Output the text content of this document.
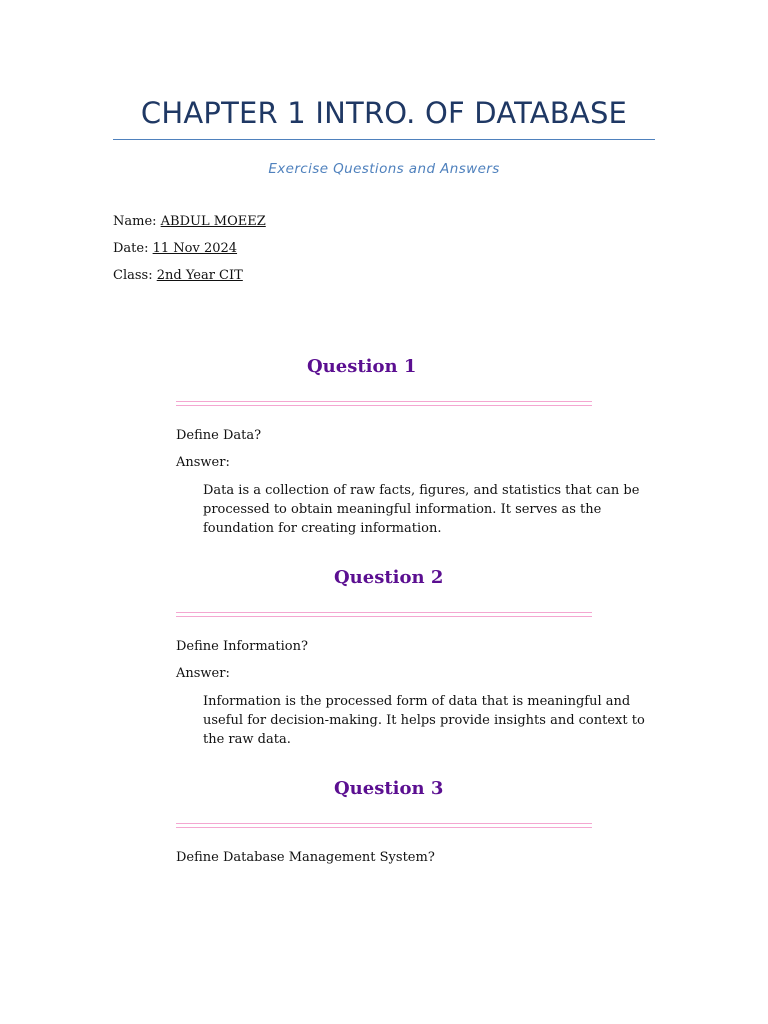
CHAPTER 1 INTRO. OF DATABASE
Exercise Questions and Answers
Name: ABDUL MOEEZ
Date: 11 Nov 2024
Class: 2nd Year CIT
Question 1
Define Data?
Answer:
Data is a collection of raw facts, figures, and statistics that can be processed to obtain meaningful information. It serves as the foundation for creating information.
Question 2
Define Information?
Answer:
Information is the processed form of data that is meaningful and useful for decision-making. It helps provide insights and context to the raw data.
Question 3
Define Database Management System?
